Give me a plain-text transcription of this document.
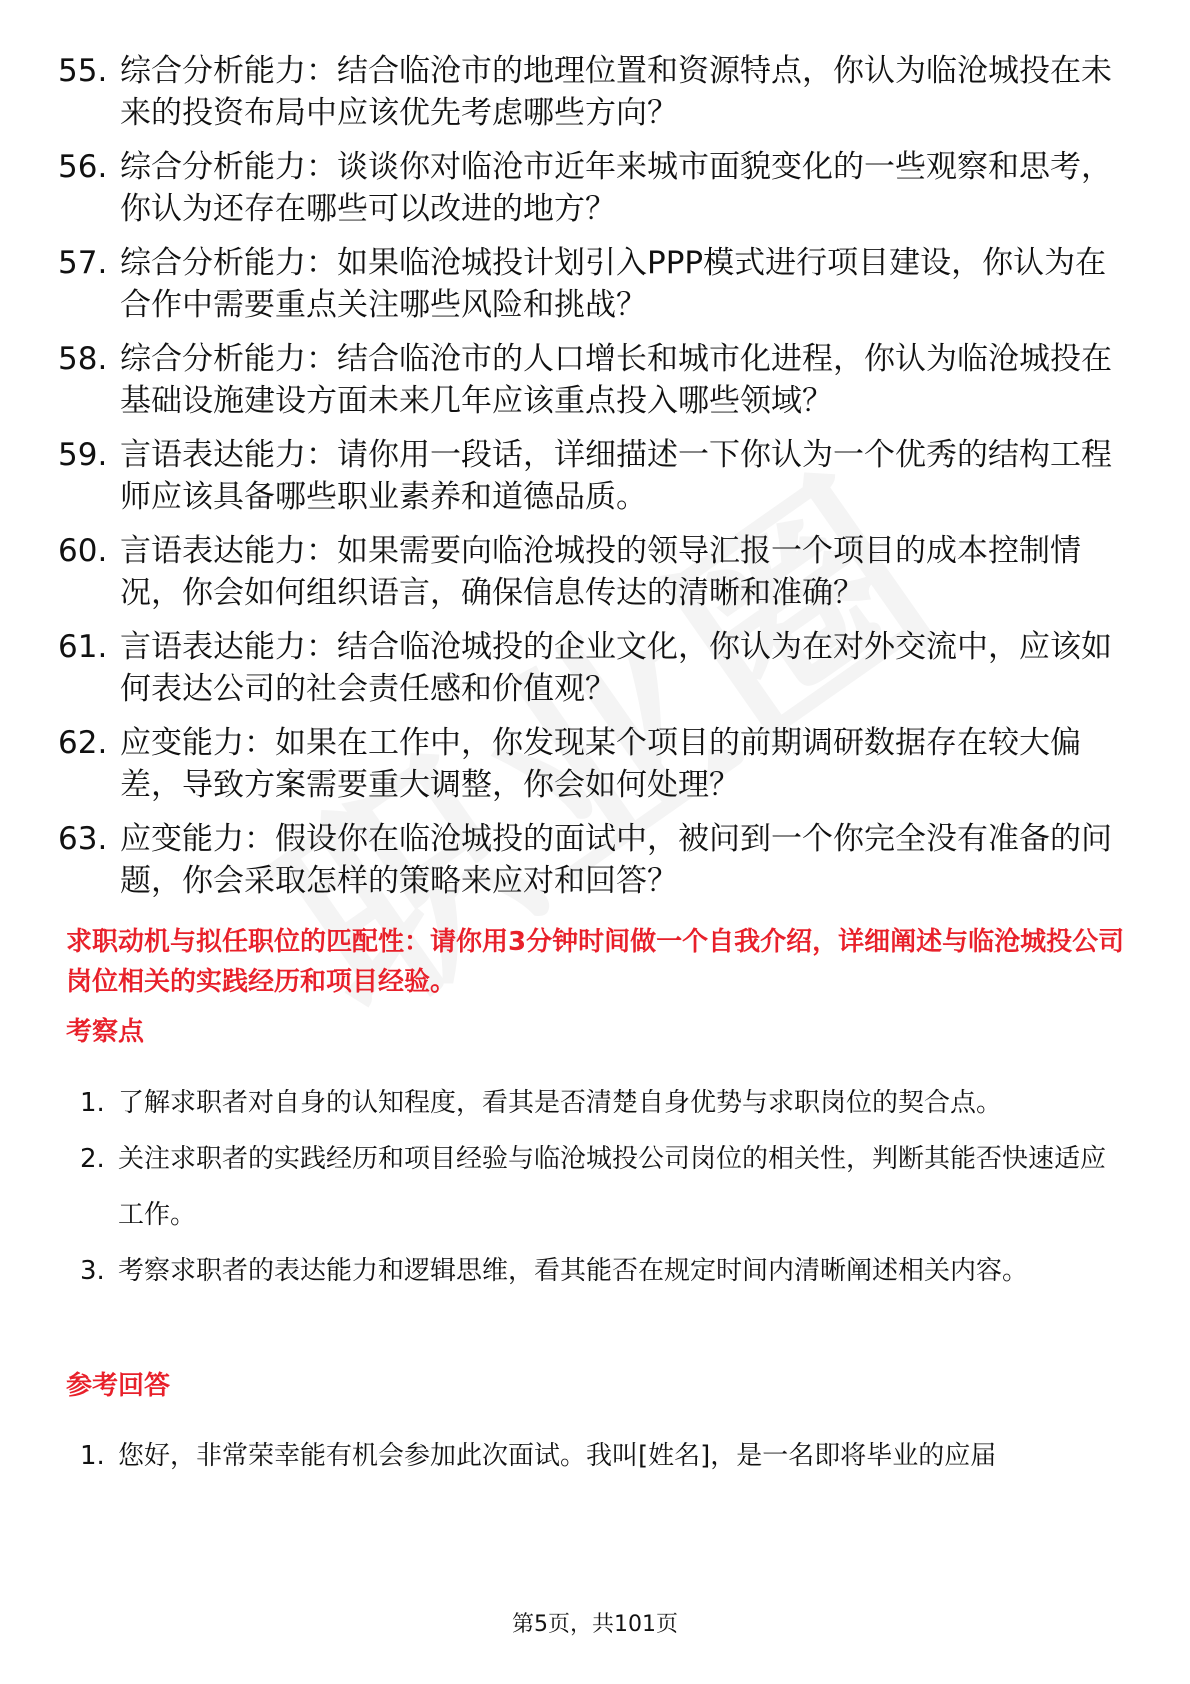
55. 综合分析能力：结合临沧市的地理位置和资源特点，你认为临沧城投在未来的投资布局中应该优先考虑哪些方向？
56. 综合分析能力：谈谈你对临沧市近年来城市面貌变化的一些观察和思考，你认为还存在哪些可以改进的地方？
57. 综合分析能力：如果临沧城投计划引入PPP模式进行项目建设，你认为在合作中需要重点关注哪些风险和挑战？
58. 综合分析能力：结合临沧市的人口增长和城市化进程，你认为临沧城投在基础设施建设方面未来几年应该重点投入哪些领域？
59. 言语表达能力：请你用一段话，详细描述一下你认为一个优秀的结构工程师应该具备哪些职业素养和道德品质。
60. 言语表达能力：如果需要向临沧城投的领导汇报一个项目的成本控制情况，你会如何组织语言，确保信息传达的清晰和准确？
61. 言语表达能力：结合临沧城投的企业文化，你认为在对外交流中，应该如何表达公司的社会责任感和价值观？
62. 应变能力：如果在工作中，你发现某个项目的前期调研数据存在较大偏差，导致方案需要重大调整，你会如何处理？
63. 应变能力：假设你在临沧城投的面试中，被问到一个你完全没有准备的问题，你会采取怎样的策略来应对和回答？

求职动机与拟任职位的匹配性：请你用3分钟时间做一个自我介绍，详细阐述与临沧城投公司岗位相关的实践经历和项目经验。

考察点
1. 了解求职者对自身的认知程度，看其是否清楚自身优势与求职岗位的契合点。
2. 关注求职者的实践经历和项目经验与临沧城投公司岗位的相关性，判断其能否快速适应工作。
3. 考察求职者的表达能力和逻辑思维，看其能否在规定时间内清晰阐述相关内容。
参考回答
1. 您好，非常荣幸能有机会参加此次面试。我叫[姓名]，是一名即将毕业的应届
第5页，共101页
